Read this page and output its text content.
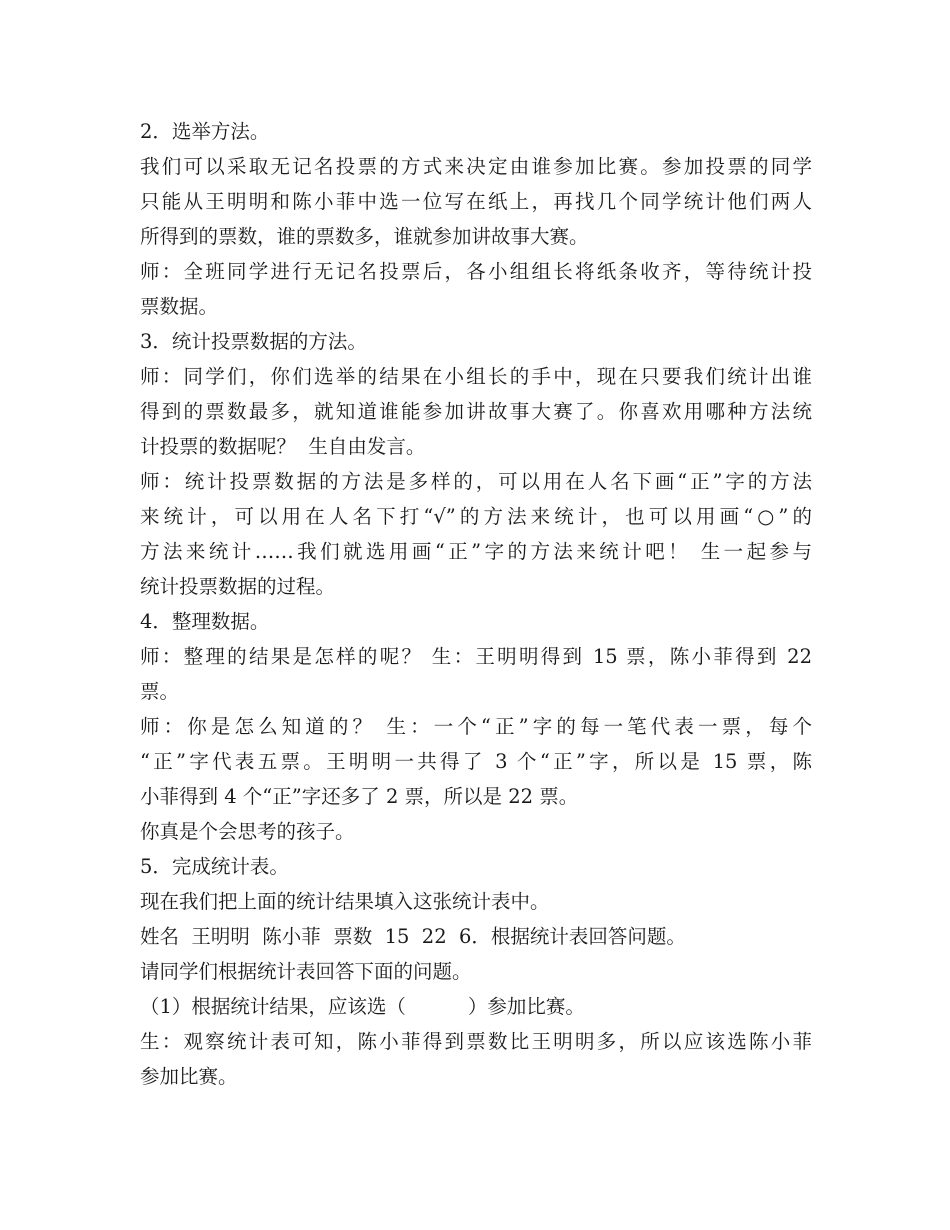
2．选举方法。
我们可以采取无记名投票的方式来决定由谁参加比赛。参加投票的同学
只能从王明明和陈小菲中选一位写在纸上，再找几个同学统计他们两人
所得到的票数，谁的票数多，谁就参加讲故事大赛。
师：全班同学进行无记名投票后，各小组组长将纸条收齐，等待统计投
票数据。
3．统计投票数据的方法。
师：同学们，你们选举的结果在小组长的手中，现在只要我们统计出谁
得到的票数最多，就知道谁能参加讲故事大赛了。你喜欢用哪种方法统
计投票的数据呢？  生自由发言。
师：统计投票数据的方法是多样的，可以用在人名下画“正”字的方法
来统计，可以用在人名下打“√”的方法来统计，也可以用画“○”的
方法来统计……我们就选用画“正”字的方法来统计吧！ 生一起参与
统计投票数据的过程。
4．整理数据。
师：整理的结果是怎样的呢？ 生：王明明得到 15 票，陈小菲得到 22
票。
师：你是怎么知道的？ 生：一个“正”字的每一笔代表一票，每个
“正”字代表五票。王明明一共得了 3 个“正”字，所以是 15 票，陈
小菲得到 4 个“正”字还多了 2 票，所以是 22 票。
你真是个会思考的孩子。
5．完成统计表。
现在我们把上面的统计结果填入这张统计表中。
姓名  王明明  陈小菲  票数  15  22  6．根据统计表回答问题。
请同学们根据统计表回答下面的问题。
（1）根据统计结果，应该选（          ）参加比赛。
生：观察统计表可知，陈小菲得到票数比王明明多，所以应该选陈小菲
参加比赛。
